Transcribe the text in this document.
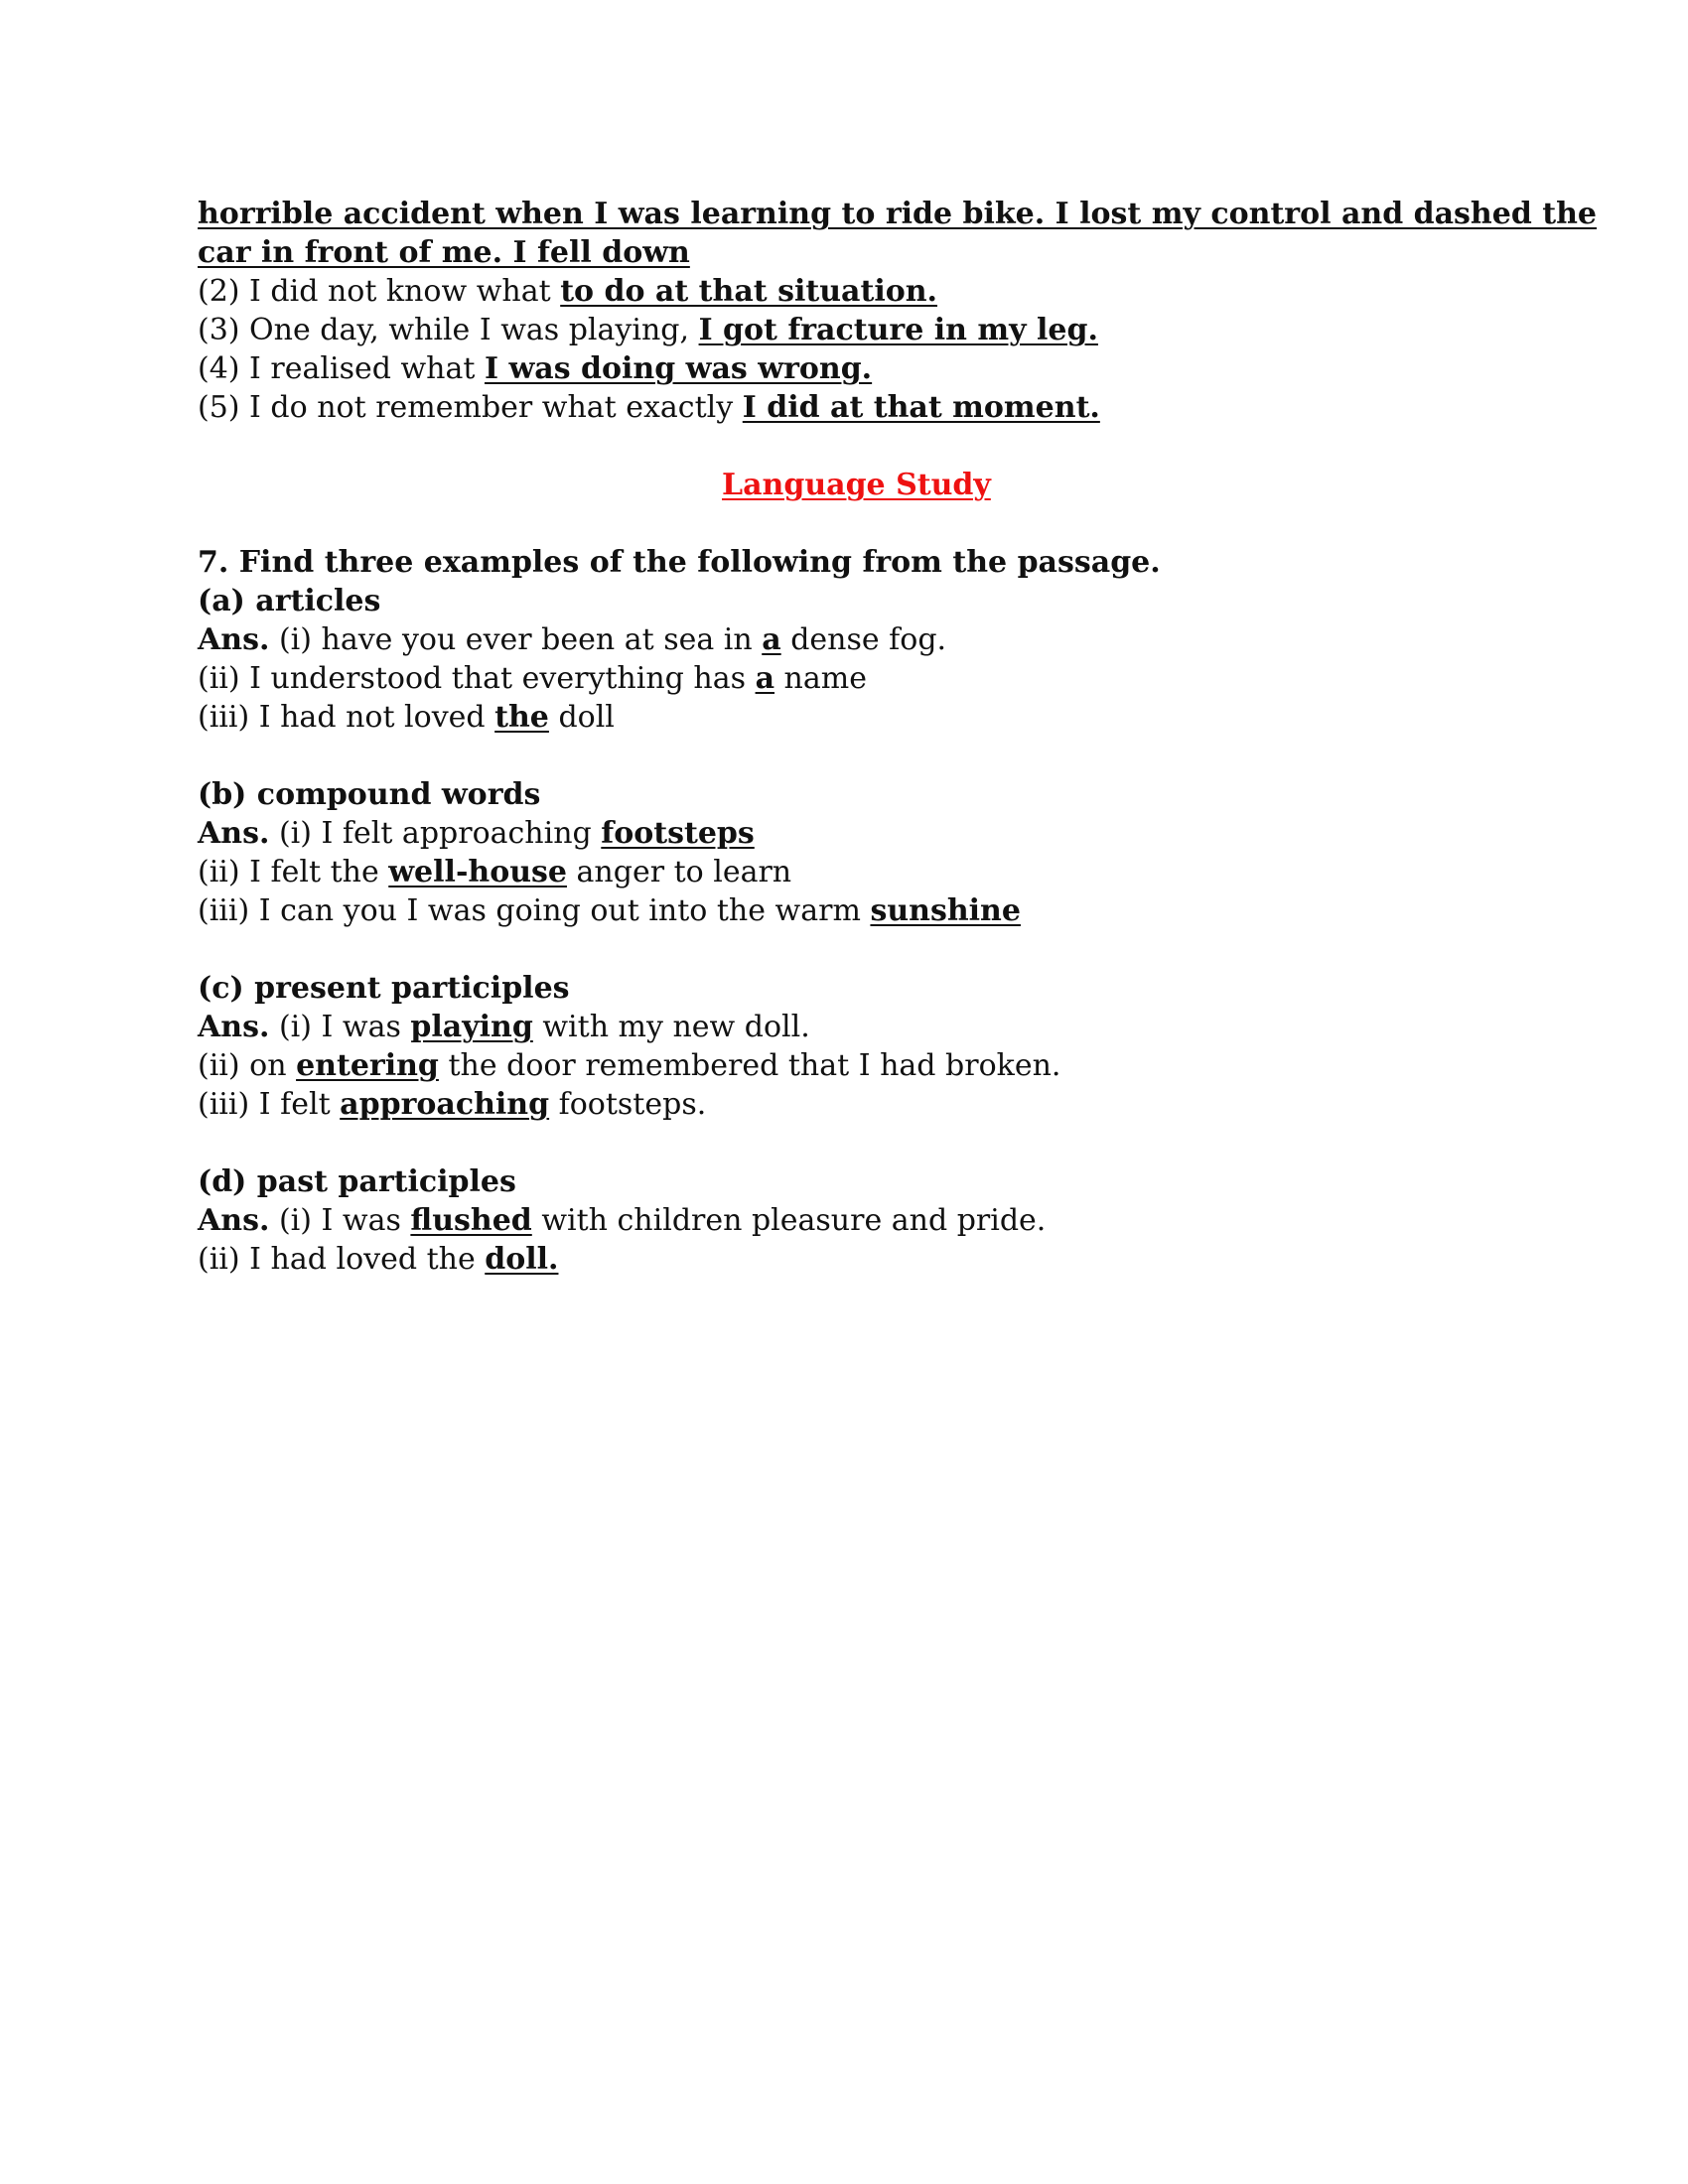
horrible accident when I was learning to ride bike. I lost my control and dashed the
car in front of me. I fell down
(2) I did not know what to do at that situation.
(3) One day, while I was playing, I got fracture in my leg.
(4) I realised what I was doing was wrong.
(5) I do not remember what exactly I did at that moment.
Language Study
7. Find three examples of the following from the passage.
(a) articles
Ans. (i) have you ever been at sea in a dense fog.
(ii) I understood that everything has a name
(iii) I had not loved the doll
(b) compound words
Ans. (i) I felt approaching footsteps
(ii) I felt the well-house anger to learn
(iii) I can you I was going out into the warm sunshine
(c) present participles
Ans. (i) I was playing with my new doll.
(ii) on entering the door remembered that I had broken.
(iii) I felt approaching footsteps.
(d) past participles
Ans. (i) I was flushed with children pleasure and pride.
(ii) I had loved the doll.
